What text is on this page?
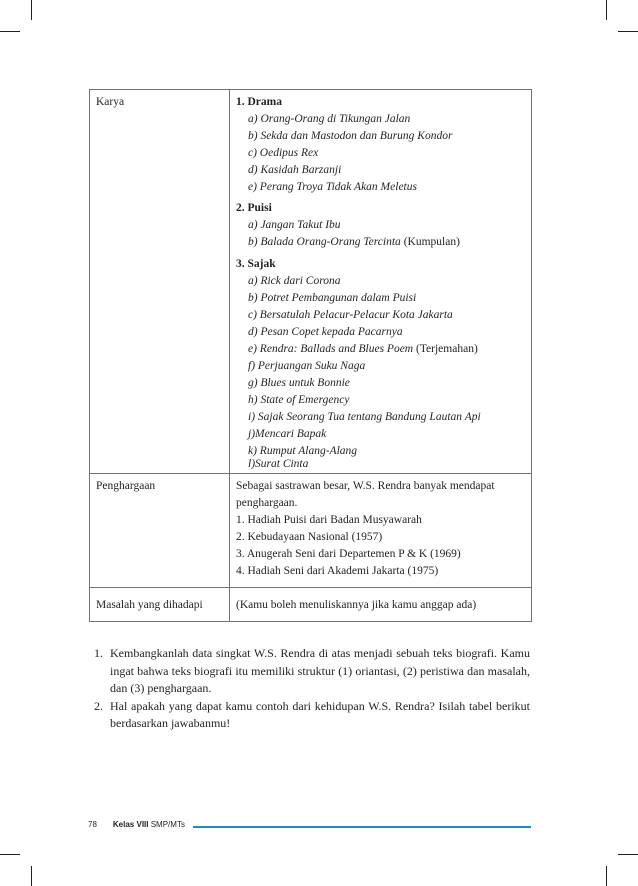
Karya	1. Drama
a) Orang-Orang di Tikungan Jalan
b) Sekda dan Mastodon dan Burung Kondor
c) Oedipus Rex
d) Kasidah Barzanji
e) Perang Troya Tidak Akan Meletus
2. Puisi
a) Jangan Takut Ibu
b) Balada Orang-Orang Tercinta (Kumpulan)
3. Sajak
a) Rick dari Corona
b) Potret Pembangunan dalam Puisi
c) Bersatulah Pelacur-Pelacur Kota Jakarta
d) Pesan Copet kepada Pacarnya
e) Rendra: Ballads and Blues Poem (Terjemahan)
f) Perjuangan Suku Naga
g) Blues untuk Bonnie
h) State of Emergency
i) Sajak Seorang Tua tentang Bandung Lautan Api
j)Mencari Bapak
k) Rumput Alang-Alang
l)Surat Cinta
Penghargaan	Sebagai sastrawan besar, W.S. Rendra banyak mendapat
penghargaan.
1. Hadiah Puisi dari Badan Musyawarah
2. Kebudayaan Nasional (1957)
3. Anugerah Seni dari Departemen P & K (1969)
4. Hadiah Seni dari Akademi Jakarta (1975)
Masalah yang dihadapi	(Kamu boleh menuliskannya jika kamu anggap ada)

1. Kembangkanlah data singkat W.S. Rendra di atas menjadi sebuah teks biografi. Kamu ingat bahwa teks biografi itu memiliki struktur (1) oriantasi, (2) peristiwa dan masalah, dan (3) penghargaan.

2. Hal apakah yang dapat kamu contoh dari kehidupan W.S. Rendra? Isilah tabel berikut berdasarkan jawabanmu!

78 Kelas VIII SMP/MTs
